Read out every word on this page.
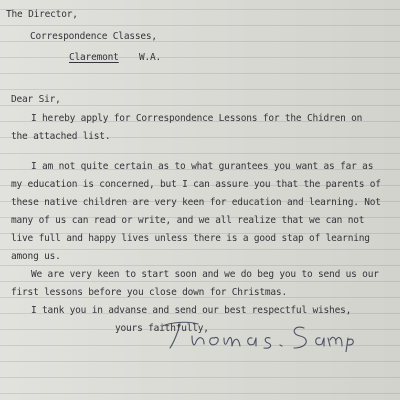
The Director,
Correspondence Classes,
Claremont W.A.
Dear Sir,
I hereby apply for Correspondence Lessons for the Chidren on
the attached list.
I am not quite certain as to what gurantees you want as far as
my education is concerned, but I can assure you that the parents of
these native children are very keen for education and learning. Not
many of us can read or write, and we all realize that we can not
live full and happy lives unless there is a good stap of learning
among us.
We are very keen to start soon and we do beg you to send us our
first lessons before you close down for Christmas.
I tank you in advanse and send our best respectful wishes,
yours faithfully,
